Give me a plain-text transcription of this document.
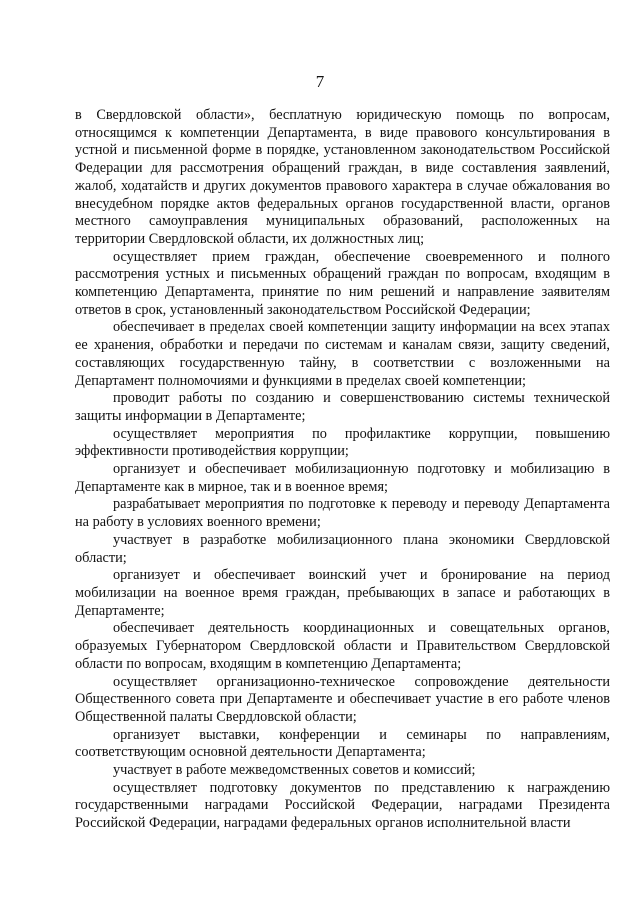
7

в Свердловской области», бесплатную юридическую помощь по вопросам, относящимся к компетенции Департамента, в виде правового консультирования в устной и письменной форме в порядке, установленном законодательством Российской Федерации для рассмотрения обращений граждан, в виде составления заявлений, жалоб, ходатайств и других документов правового характера в случае обжалования во внесудебном порядке актов федеральных органов государственной власти, органов местного самоуправления муниципальных образований, расположенных на территории Свердловской области, их должностных лиц;

осуществляет прием граждан, обеспечение своевременного и полного рассмотрения устных и письменных обращений граждан по вопросам, входящим в компетенцию Департамента, принятие по ним решений и направление заявителям ответов в срок, установленный законодательством Российской Федерации;

обеспечивает в пределах своей компетенции защиту информации на всех этапах ее хранения, обработки и передачи по системам и каналам связи, защиту сведений, составляющих государственную тайну, в соответствии с возложенными на Департамент полномочиями и функциями в пределах своей компетенции;

проводит работы по созданию и совершенствованию системы технической защиты информации в Департаменте;

осуществляет мероприятия по профилактике коррупции, повышению эффективности противодействия коррупции;

организует и обеспечивает мобилизационную подготовку и мобилизацию в Департаменте как в мирное, так и в военное время;

разрабатывает мероприятия по подготовке к переводу и переводу Департамента на работу в условиях военного времени;

участвует в разработке мобилизационного плана экономики Свердловской области;

организует и обеспечивает воинский учет и бронирование на период мобилизации на военное время граждан, пребывающих в запасе и работающих в Департаменте;

обеспечивает деятельность координационных и совещательных органов, образуемых Губернатором Свердловской области и Правительством Свердловской области по вопросам, входящим в компетенцию Департамента;

осуществляет организационно-техническое сопровождение деятельности Общественного совета при Департаменте и обеспечивает участие в его работе членов Общественной палаты Свердловской области;

организует выставки, конференции и семинары по направлениям, соответствующим основной деятельности Департамента;

участвует в работе межведомственных советов и комиссий;

осуществляет подготовку документов по представлению к награждению государственными наградами Российской Федерации, наградами Президента Российской Федерации, наградами федеральных органов исполнительной власти
